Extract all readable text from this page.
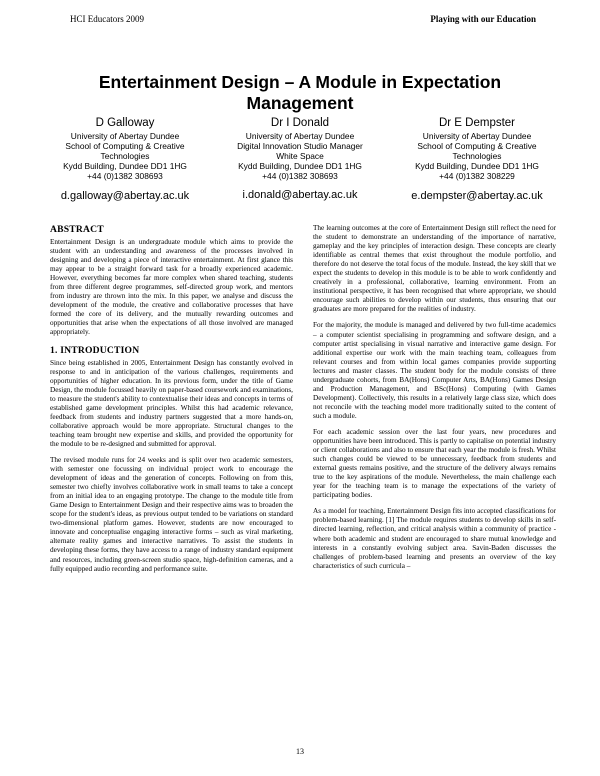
HCI Educators 2009	Playing with our Education
Entertainment Design – A Module in Expectation Management
D Galloway
University of Abertay Dundee
School of Computing & Creative Technologies
Kydd Building, Dundee DD1 1HG
+44 (0)1382 308693
d.galloway@abertay.ac.uk
Dr I Donald
University of Abertay Dundee
Digital Innovation Studio Manager
White Space
Kydd Building, Dundee DD1 1HG
+44 (0)1382 308693
i.donald@abertay.ac.uk
Dr E Dempster
University of Abertay Dundee
School of Computing & Creative Technologies
Kydd Building, Dundee DD1 1HG
+44 (0)1382 308229
e.dempster@abertay.ac.uk
ABSTRACT

Entertainment Design is an undergraduate module which aims to provide the student with an understanding and awareness of the processes involved in designing and developing a piece of interactive entertainment. At first glance this may appear to be a straight forward task for a broadly experienced academic. However, everything becomes far more complex when shared teaching, students from three different degree programmes, self-directed group work, and mentors from industry are thrown into the mix. In this paper, we analyse and discuss the development of the module, the creative and collaborative processes that have formed the core of its delivery, and the mutually rewarding outcomes and opportunities that arise when the expectations of all those involved are managed appropriately.

1. INTRODUCTION

Since being established in 2005, Entertainment Design has constantly evolved in response to and in anticipation of the various challenges, requirements and opportunities of higher education. In its previous form, under the title of Game Design, the module focussed heavily on paper-based coursework and examinations, to measure the student's ability to contextualise their ideas and concepts in terms of established game development principles. Whilst this had academic relevance, feedback from students and industry partners suggested that a more hands-on, collaborative approach would be more appropriate. Structural changes to the teaching team brought new expertise and skills, and provided the opportunity for the module to be re-designed and submitted for approval.

The revised module runs for 24 weeks and is split over two academic semesters, with semester one focussing on individual project work to encourage the development of ideas and the generation of concepts. Following on from this, semester two chiefly involves collaborative work in small teams to take a concept from an initial idea to an engaging prototype. The change to the module title from Game Design to Entertainment Design and their respective aims was to broaden the scope for the student's ideas, as previous output tended to be variations on standard two-dimensional platform games. However, students are now encouraged to innovate and conceptualise engaging interactive forms – such as viral marketing, alternate reality games and interactive narratives. To assist the students in developing these forms, they have access to a range of industry standard equipment and resources, including green-screen studio space, high-definition cameras, and a fully equipped audio recording and performance suite.

The learning outcomes at the core of Entertainment Design still reflect the need for the student to demonstrate an understanding of the importance of narrative, gameplay and the key principles of interaction design. These concepts are clearly identifiable as central themes that exist throughout the module portfolio, and therefore do not deserve the total focus of the module. Instead, the key skill that we expect the students to develop in this module is to be able to work confidently and creatively in a professional, collaborative, learning environment. From an institutional perspective, it has been recognised that where appropriate, we should encourage such abilities to develop within our students, thus ensuring that our graduates are more prepared for the realities of industry.

For the majority, the module is managed and delivered by two full-time academics – a computer scientist specialising in programming and software design, and a computer artist specialising in visual narrative and interactive game design. For additional expertise our work with the main teaching team, colleagues from relevant courses and from within local games companies provide supporting lectures and master classes. The student body for the module consists of three undergraduate cohorts, from BA(Hons) Computer Arts, BA(Hons) Games Design and Production Management, and BSc(Hons) Computing (with Games Development). Collectively, this results in a relatively large class size, which does not reconcile with the teaching model more traditionally suited to the content of such a module.

For each academic session over the last four years, new procedures and opportunities have been introduced. This is partly to capitalise on potential industry or client collaborations and also to ensure that each year the module is fresh. Whilst such changes could be viewed to be unnecessary, feedback from students and external guests remains positive, and the structure of the delivery always remains true to the key aspirations of the module. Nevertheless, the main challenge each year for the teaching team is to manage the expectations of the variety of participating bodies.

As a model for teaching, Entertainment Design fits into accepted classifications for problem-based learning. [1] The module requires students to develop skills in self-directed learning, reflection, and critical analysis within a community of practice - where both academic and student are encouraged to share mutual knowledge and interests in a constantly evolving subject area. Savin-Baden discusses the challenges of problem-based learning and presents an overview of the key characteristics of such curricula –

13
